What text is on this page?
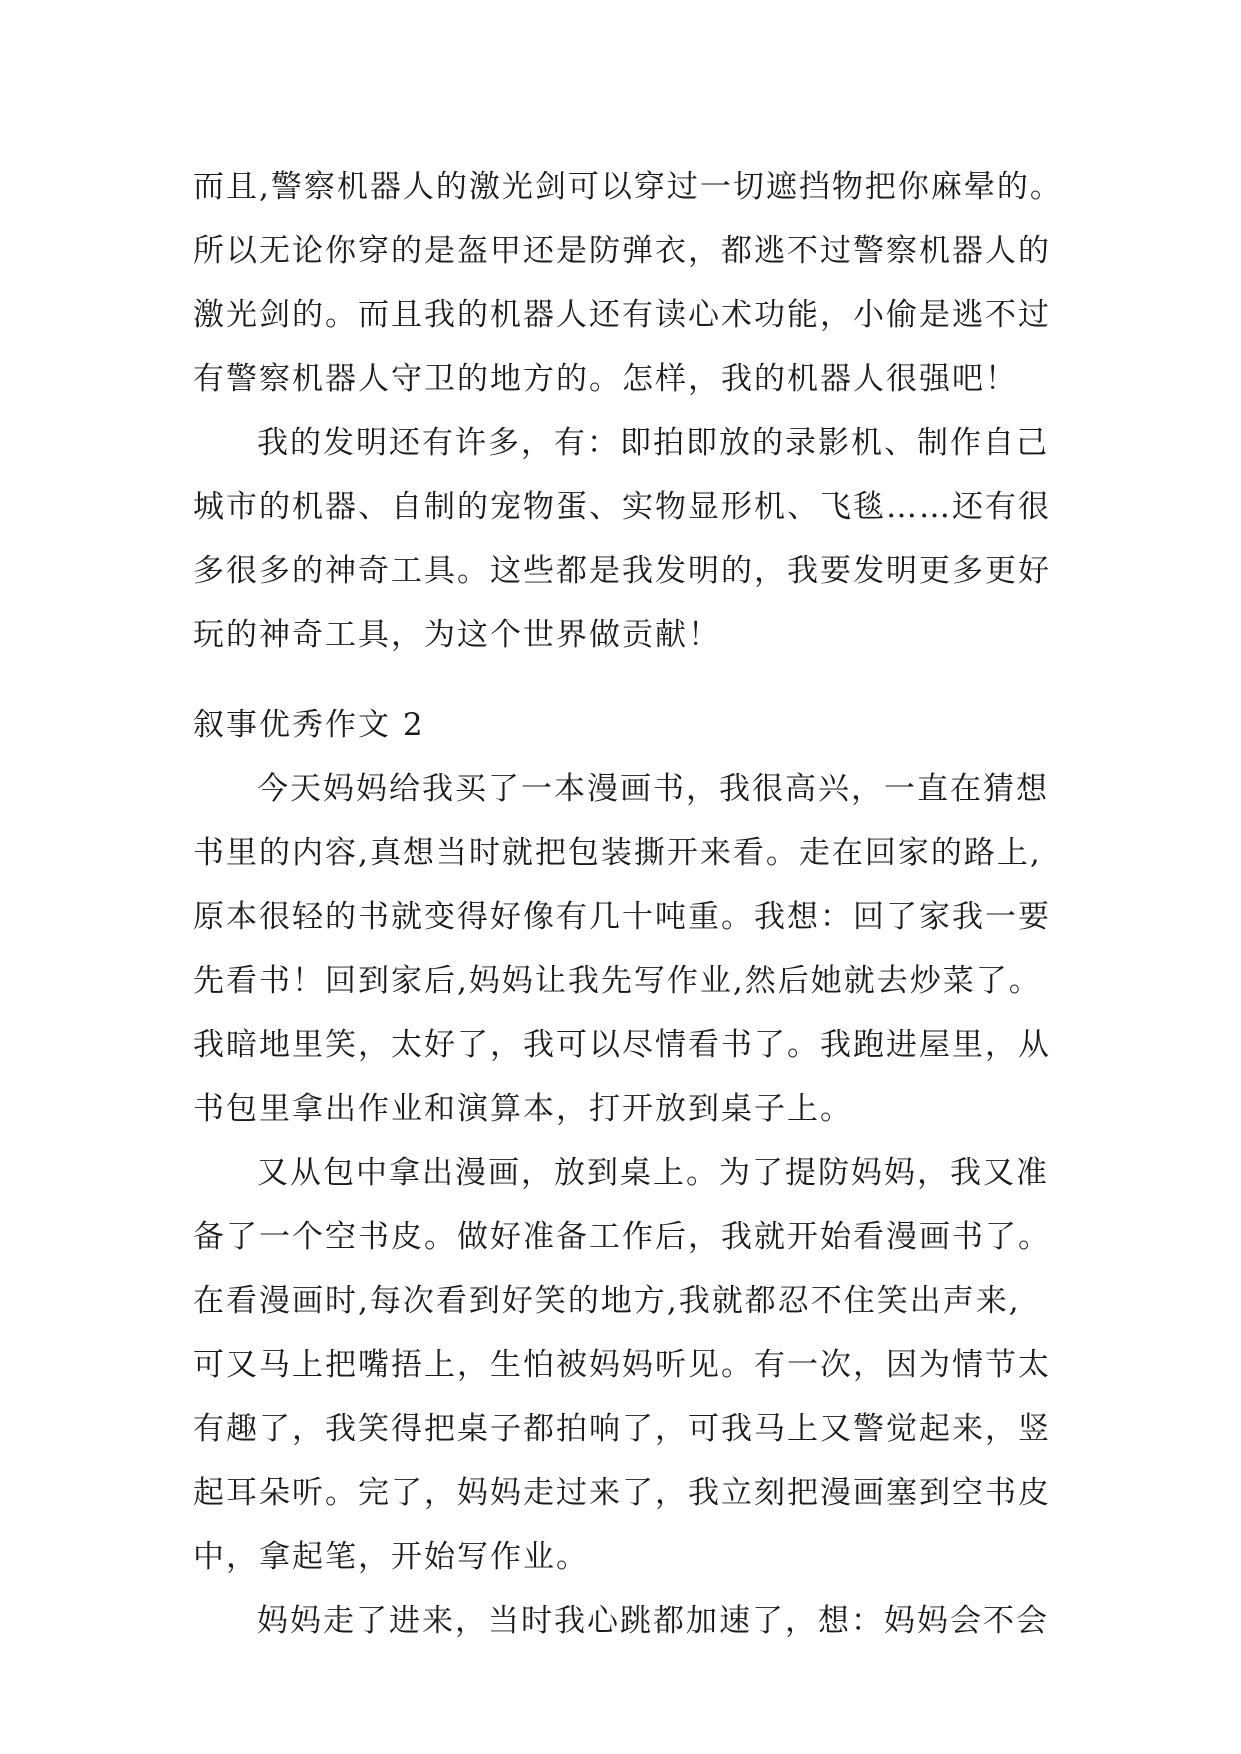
而且,警察机器人的激光剑可以穿过一切遮挡物把你麻晕的。
所以无论你穿的是盔甲还是防弹衣，都逃不过警察机器人的
激光剑的。而且我的机器人还有读心术功能，小偷是逃不过
有警察机器人守卫的地方的。怎样，我的机器人很强吧！
我的发明还有许多，有：即拍即放的录影机、制作自己
城市的机器、自制的宠物蛋、实物显形机、飞毯……还有很
多很多的神奇工具。这些都是我发明的，我要发明更多更好
玩的神奇工具，为这个世界做贡献！
叙事优秀作文 2
今天妈妈给我买了一本漫画书，我很高兴，一直在猜想
书里的内容,真想当时就把包装撕开来看。走在回家的路上,
原本很轻的书就变得好像有几十吨重。我想：回了家我一要
先看书！回到家后,妈妈让我先写作业,然后她就去炒菜了。
我暗地里笑，太好了，我可以尽情看书了。我跑进屋里，从
书包里拿出作业和演算本，打开放到桌子上。
又从包中拿出漫画，放到桌上。为了提防妈妈，我又准
备了一个空书皮。做好准备工作后，我就开始看漫画书了。
在看漫画时,每次看到好笑的地方,我就都忍不住笑出声来,
可又马上把嘴捂上，生怕被妈妈听见。有一次，因为情节太
有趣了，我笑得把桌子都拍响了，可我马上又警觉起来，竖
起耳朵听。完了，妈妈走过来了，我立刻把漫画塞到空书皮
中，拿起笔，开始写作业。
妈妈走了进来，当时我心跳都加速了，想：妈妈会不会
